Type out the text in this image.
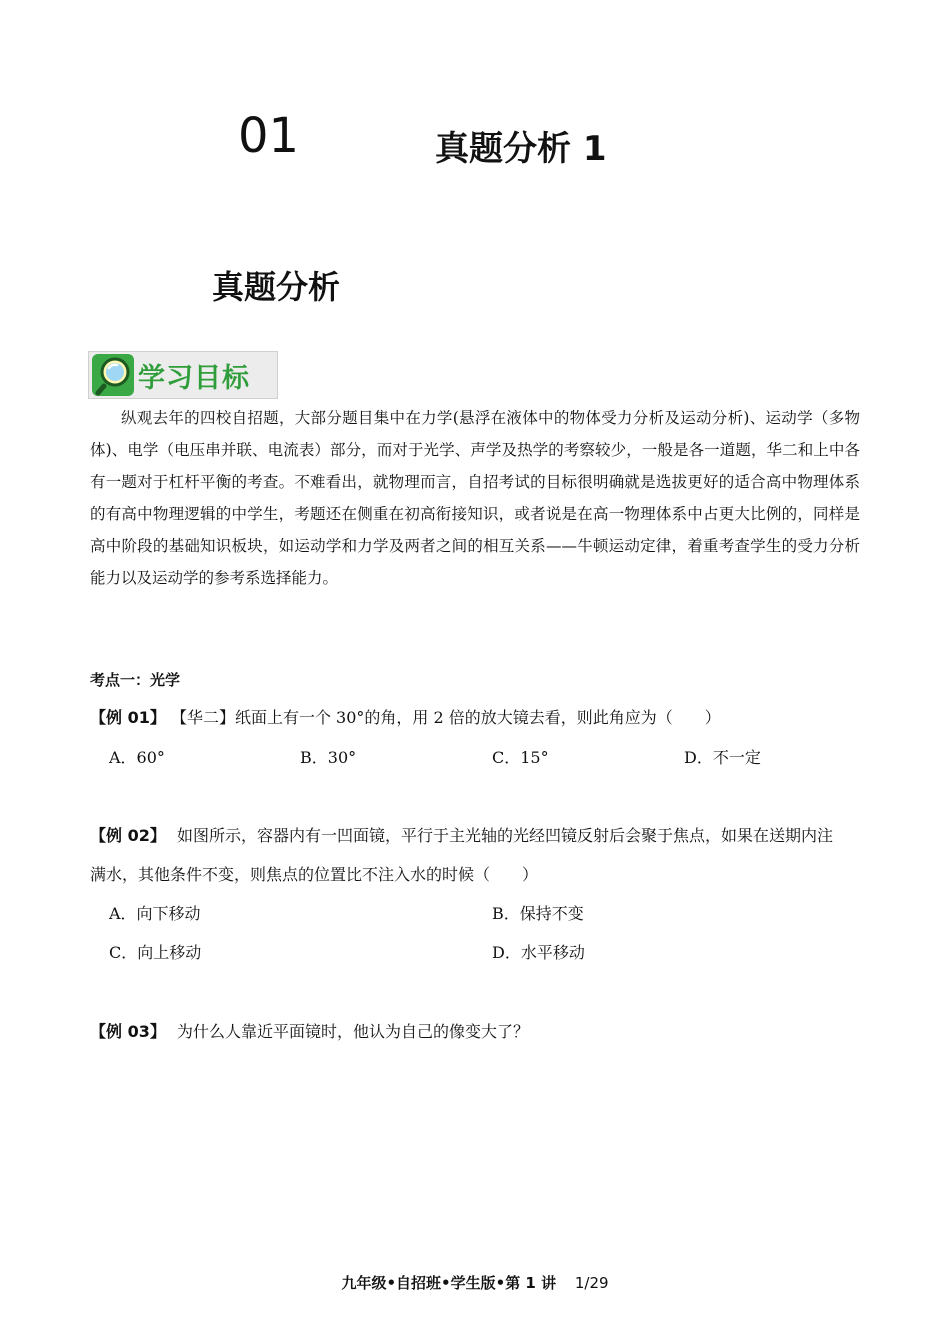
01	真题分析 1
真题分析
学习目标
纵观去年的四校自招题，大部分题目集中在力学(悬浮在液体中的物体受力分析及运动分析)、运动学（多物体)、电学（电压串并联、电流表）部分，而对于光学、声学及热学的考察较少，一般是各一道题，华二和上中各有一题对于杠杆平衡的考查。不难看出，就物理而言，自招考试的目标很明确就是选拔更好的适合高中物理体系的有高中物理逻辑的中学生，考题还在侧重在初高衔接知识，或者说是在高一物理体系中占更大比例的，同样是高中阶段的基础知识板块，如运动学和力学及两者之间的相互关系——牛顿运动定律，着重考查学生的受力分析能力以及运动学的参考系选择能力。
考点一：光学
【例 01】 【华二】纸面上有一个 30°的角，用 2 倍的放大镜去看，则此角应为（　　）
A．60°	B．30°	C．15°	D．不一定
【例 02】 如图所示，容器内有一凹面镜，平行于主光轴的光经凹镜反射后会聚于焦点，如果在送期内注
满水，其他条件不变，则焦点的位置比不注入水的时候（　　）
A．向下移动	B．保持不变
C．向上移动	D．水平移动
【例 03】 为什么人靠近平面镜时，他认为自己的像变大了？
九年级•自招班•学生版•第 1 讲 1/29
